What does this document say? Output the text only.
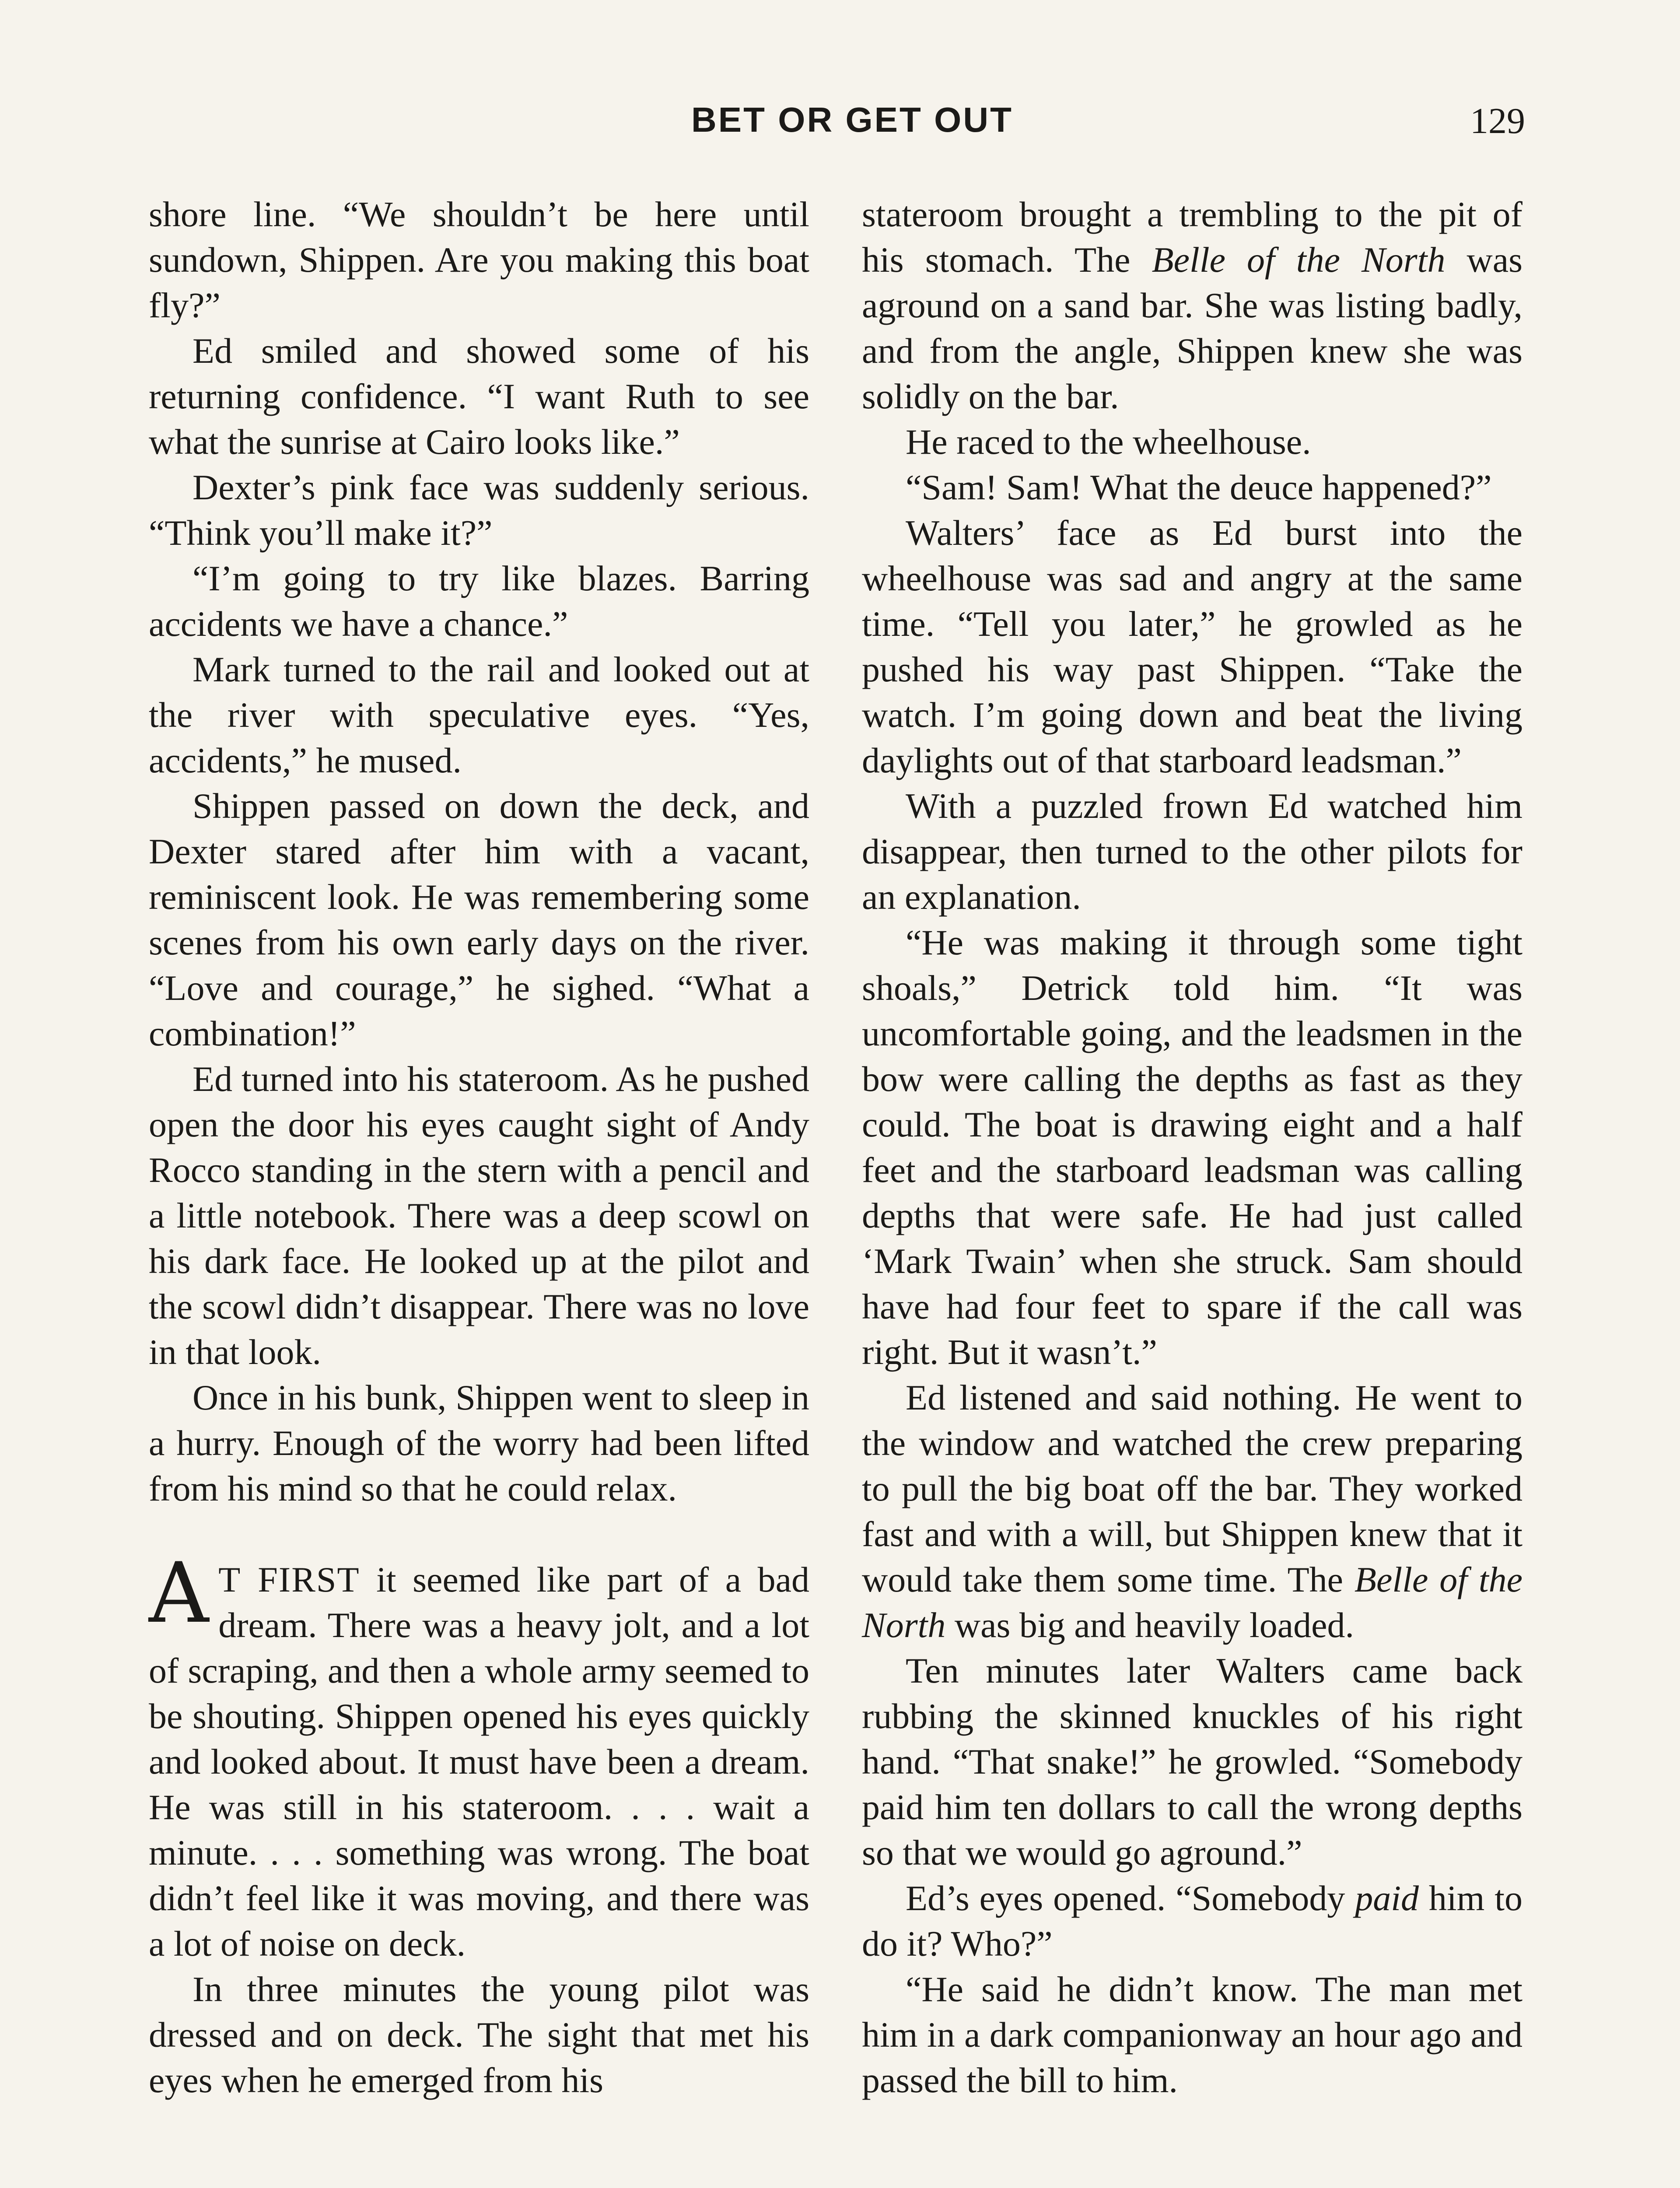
BET OR GET OUT	129

shore line. “We shouldn’t be here until sundown, Shippen. Are you making this boat fly?”

Ed smiled and showed some of his returning confidence. “I want Ruth to see what the sunrise at Cairo looks like.”

Dexter’s pink face was suddenly serious. “Think you’ll make it?”

“I’m going to try like blazes. Barring accidents we have a chance.”

Mark turned to the rail and looked out at the river with speculative eyes. “Yes, accidents,” he mused.

Shippen passed on down the deck, and Dexter stared after him with a vacant, reminiscent look. He was remembering some scenes from his own early days on the river. “Love and courage,” he sighed. “What a combination!”

Ed turned into his stateroom. As he pushed open the door his eyes caught sight of Andy Rocco standing in the stern with a pencil and a little notebook. There was a deep scowl on his dark face. He looked up at the pilot and the scowl didn’t disappear. There was no love in that look.

Once in his bunk, Shippen went to sleep in a hurry. Enough of the worry had been lifted from his mind so that he could relax.

A T FIRST it seemed like part of a bad dream. There was a heavy jolt, and a lot of scraping, and then a whole army seemed to be shouting. Shippen opened his eyes quickly and looked about. It must have been a dream. He was still in his stateroom. . . . wait a minute. . . . something was wrong. The boat didn’t feel like it was moving, and there was a lot of noise on deck.

In three minutes the young pilot was dressed and on deck. The sight that met his eyes when he emerged from his

stateroom brought a trembling to the pit of his stomach. The Belle of the North was aground on a sand bar. She was listing badly, and from the angle, Shippen knew she was solidly on the bar.

He raced to the wheelhouse.

“Sam! Sam! What the deuce happened?”

Walters’ face as Ed burst into the wheelhouse was sad and angry at the same time. “Tell you later,” he growled as he pushed his way past Shippen. “Take the watch. I’m going down and beat the living daylights out of that starboard leadsman.”

With a puzzled frown Ed watched him disappear, then turned to the other pilots for an explanation.

“He was making it through some tight shoals,” Detrick told him. “It was uncomfortable going, and the leadsmen in the bow were calling the depths as fast as they could. The boat is drawing eight and a half feet and the starboard leadsman was calling depths that were safe. He had just called ‘Mark Twain’ when she struck. Sam should have had four feet to spare if the call was right. But it wasn’t.”

Ed listened and said nothing. He went to the window and watched the crew preparing to pull the big boat off the bar. They worked fast and with a will, but Shippen knew that it would take them some time. The Belle of the North was big and heavily loaded.

Ten minutes later Walters came back rubbing the skinned knuckles of his right hand. “That snake!” he growled. “Somebody paid him ten dollars to call the wrong depths so that we would go aground.”

Ed’s eyes opened. “Somebody paid him to do it? Who?”

“He said he didn’t know. The man met him in a dark companionway an hour ago and passed the bill to him.
